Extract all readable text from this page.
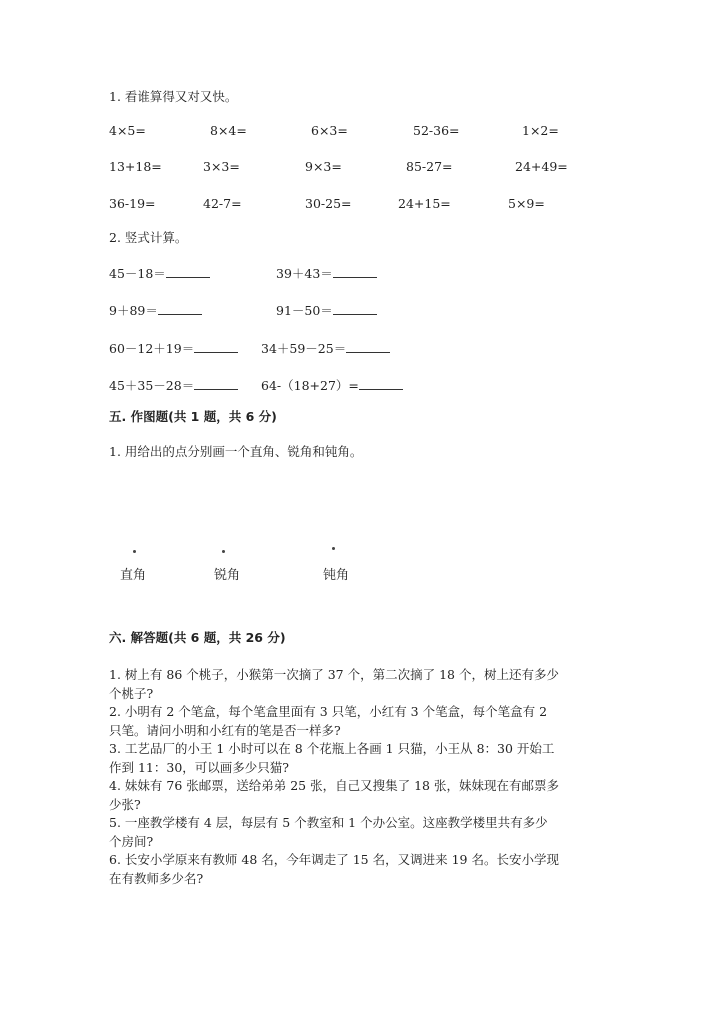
1. 看谁算得又对又快。
4×5=	8×4=	6×3=	52-36=	1×2=
13+18=	3×3=	9×3=	85-27=	24+49=
36-19=	42-7=	30-25=	24+15=	5×9=
2. 竖式计算。
45－18＝	39＋43＝
9＋89＝	91－50＝
60－12＋19＝	34＋59－25＝
45＋35－28＝	64-（18+27）=
五. 作图题(共 1 题，共 6 分)
1. 用给出的点分别画一个直角、锐角和钝角。
直角	锐角	钝角
六. 解答题(共 6 题，共 26 分)
1. 树上有 86 个桃子，小猴第一次摘了 37 个，第二次摘了 18 个，树上还有多少
个桃子?
2. 小明有 2 个笔盒，每个笔盒里面有 3 只笔，小红有 3 个笔盒，每个笔盒有 2
只笔。请问小明和小红有的笔是否一样多?
3. 工艺品厂的小王 1 小时可以在 8 个花瓶上各画 1 只猫，小王从 8：30 开始工
作到 11：30，可以画多少只猫?
4. 妹妹有 76 张邮票，送给弟弟 25 张，自己又搜集了 18 张，妹妹现在有邮票多
少张?
5. 一座教学楼有 4 层，每层有 5 个教室和 1 个办公室。这座教学楼里共有多少
个房间?
6. 长安小学原来有教师 48 名，今年调走了 15 名，又调进来 19 名。长安小学现
在有教师多少名?
